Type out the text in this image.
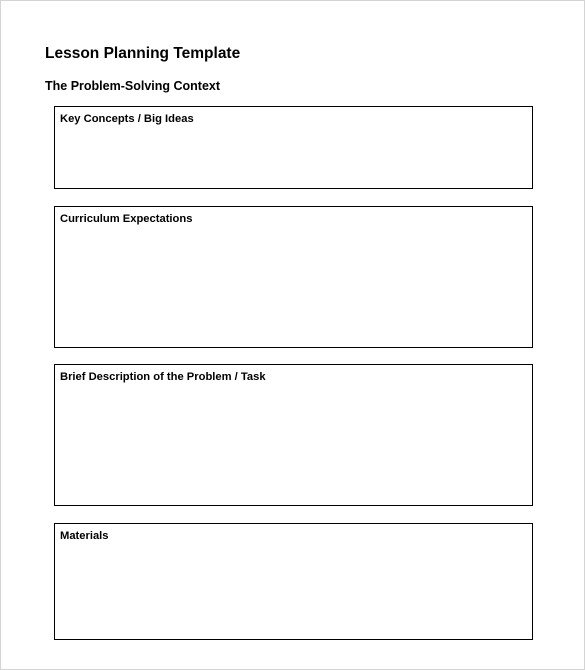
Lesson Planning Template
The Problem-Solving Context
Key Concepts / Big Ideas
Curriculum Expectations
Brief Description of the Problem / Task
Materials
